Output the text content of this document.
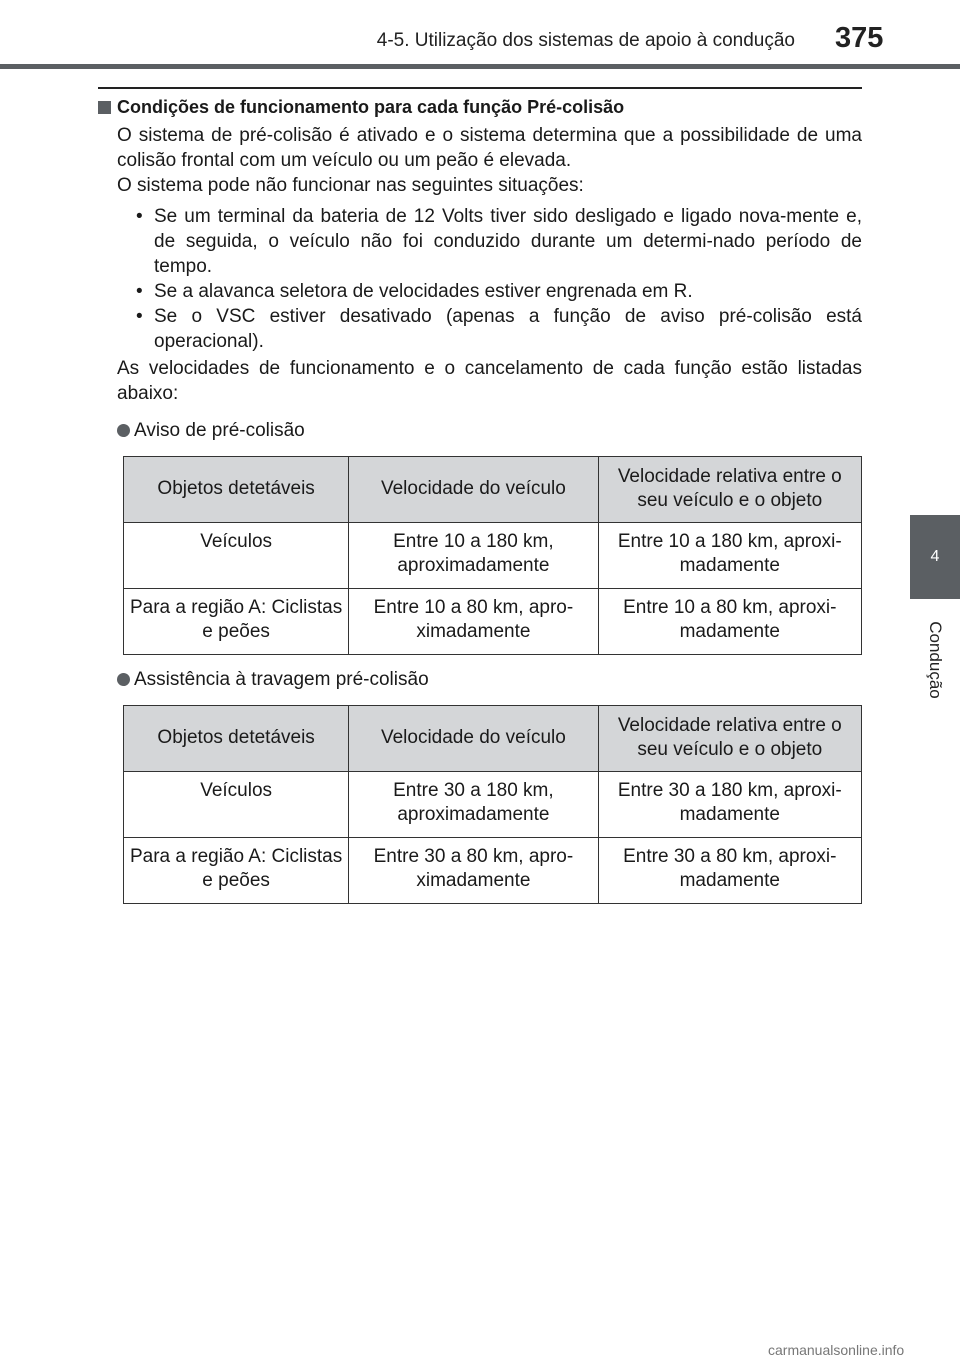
4-5. Utilização dos sistemas de apoio à condução 375
4
Condução
Condições de funcionamento para cada função Pré-colisão

O sistema de pré-colisão é ativado e o sistema determina que a possibilidade de uma colisão frontal com um veículo ou um peão é elevada.

O sistema pode não funcionar nas seguintes situações:

• Se um terminal da bateria de 12 Volts tiver sido desligado e ligado nova-mente e, de seguida, o veículo não foi conduzido durante um determi-nado período de tempo.
• Se a alavanca seletora de velocidades estiver engrenada em R.
• Se o VSC estiver desativado (apenas a função de aviso pré-colisão está operacional).

As velocidades de funcionamento e o cancelamento de cada função estão listadas abaixo:

Aviso de pré-colisão
Objetos detetáveis	Velocidade do veículo	Velocidade relativa entre o seu veículo e o objeto
Veículos	Entre 10 a 180 km, aproximadamente	Entre 10 a 180 km, aproxi-madamente
Para a região A: Ciclistas e peões	Entre 10 a 80 km, apro-ximadamente	Entre 10 a 80 km, aproxi-madamente
Assistência à travagem pré-colisão
Objetos detetáveis	Velocidade do veículo	Velocidade relativa entre o seu veículo e o objeto
Veículos	Entre 30 a 180 km, aproximadamente	Entre 30 a 180 km, aproxi-madamente
Para a região A: Ciclistas e peões	Entre 30 a 80 km, apro-ximadamente	Entre 30 a 80 km, aproxi-madamente
carmanualsonline.info
